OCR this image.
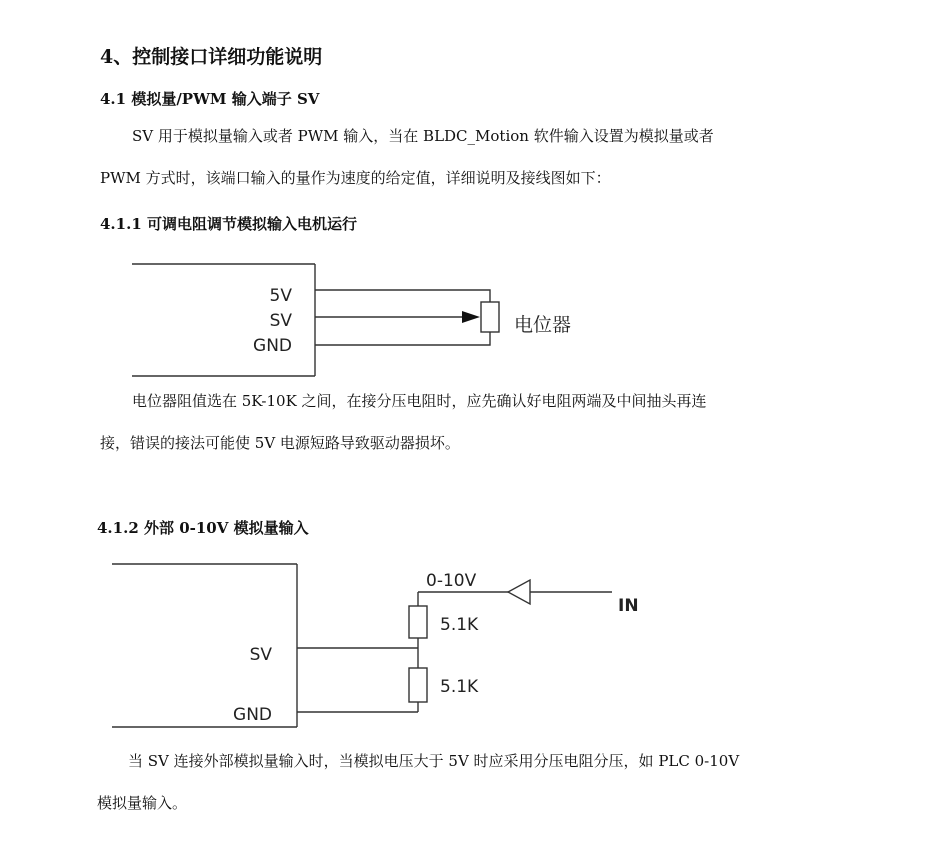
4、控制接口详细功能说明
4.1 模拟量/PWM 输入端子 SV
SV 用于模拟量输入或者 PWM 输入，当在 BLDC_Motion 软件输入设置为模拟量或者
PWM 方式时，该端口输入的量作为速度的给定值，详细说明及接线图如下：
4.1.1 可调电阻调节模拟输入电机运行
电位器阻值选在 5K-10K 之间，在接分压电阻时，应先确认好电阻两端及中间抽头再连
接，错误的接法可能使 5V 电源短路导致驱动器损坏。
4.1.2 外部 0-10V 模拟量输入
当 SV 连接外部模拟量输入时，当模拟电压大于 5V 时应采用分压电阻分压，如 PLC 0-10V
模拟量输入。
5V
SV
GND
电位器
SV
GND
0-10V
IN
5.1K
5.1K
